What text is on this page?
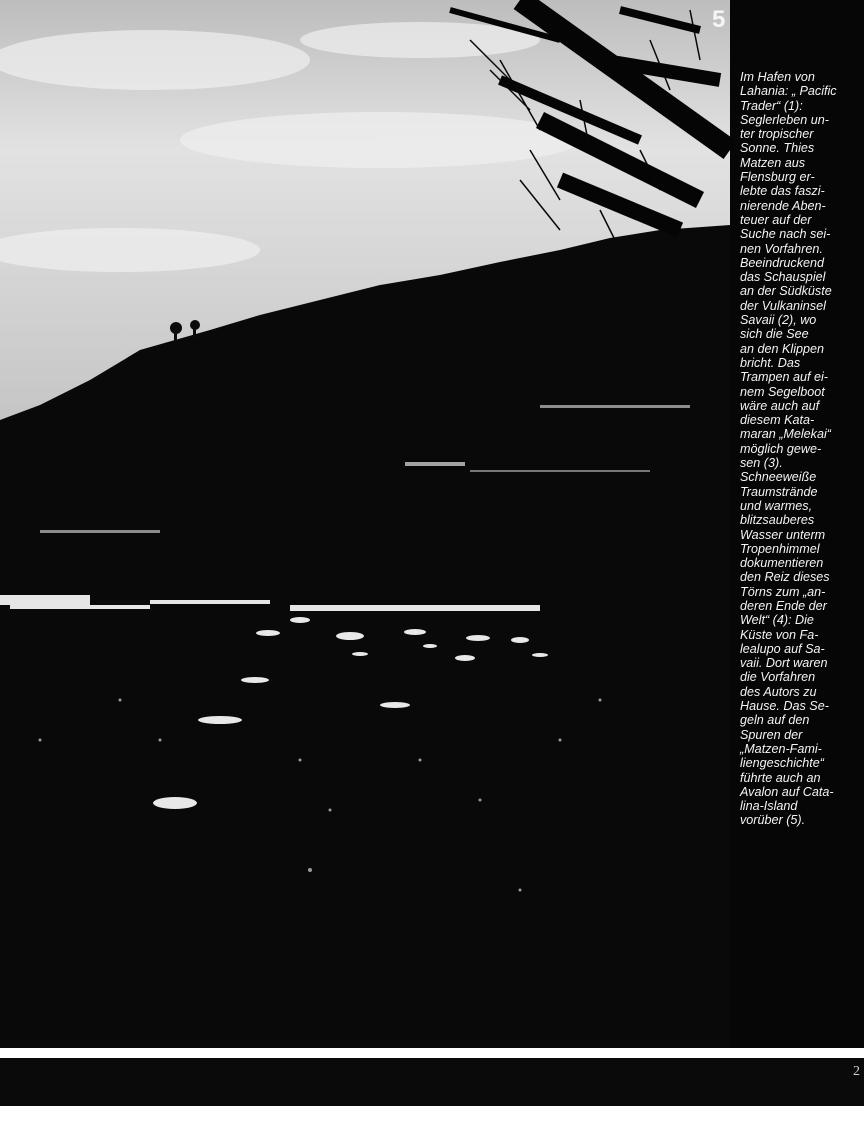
5
Im Hafen von
Lahania: „ Pacific
Trader“ (1):
Seglerleben un-
ter tropischer
Sonne. Thies
Matzen aus
Flensburg er-
lebte das faszi-
nierende Aben-
teuer auf der
Suche nach sei-
nen Vorfahren.
Beeindruckend
das Schauspiel
an der Südküste
der Vulkaninsel
Savaii (2), wo
sich die See
an den Klippen
bricht. Das
Trampen auf ei-
nem Segelboot
wäre auch auf
diesem Kata-
maran „Melekai“
möglich gewe-
sen (3).
Schneeweiße
Traumstrände
und warmes,
blitzsauberes
Wasser unterm
Tropenhimmel
dokumentieren
den Reiz dieses
Törns zum „an-
deren Ende der
Welt“ (4): Die
Küste von Fa-
lealupo auf Sa-
vaii. Dort waren
die Vorfahren
des Autors zu
Hause. Das Se-
geln auf den
Spuren der
„Matzen-Fami-
liengeschichte“
führte auch an
Avalon auf Cata-
lina-Island
vorüber (5).
2
